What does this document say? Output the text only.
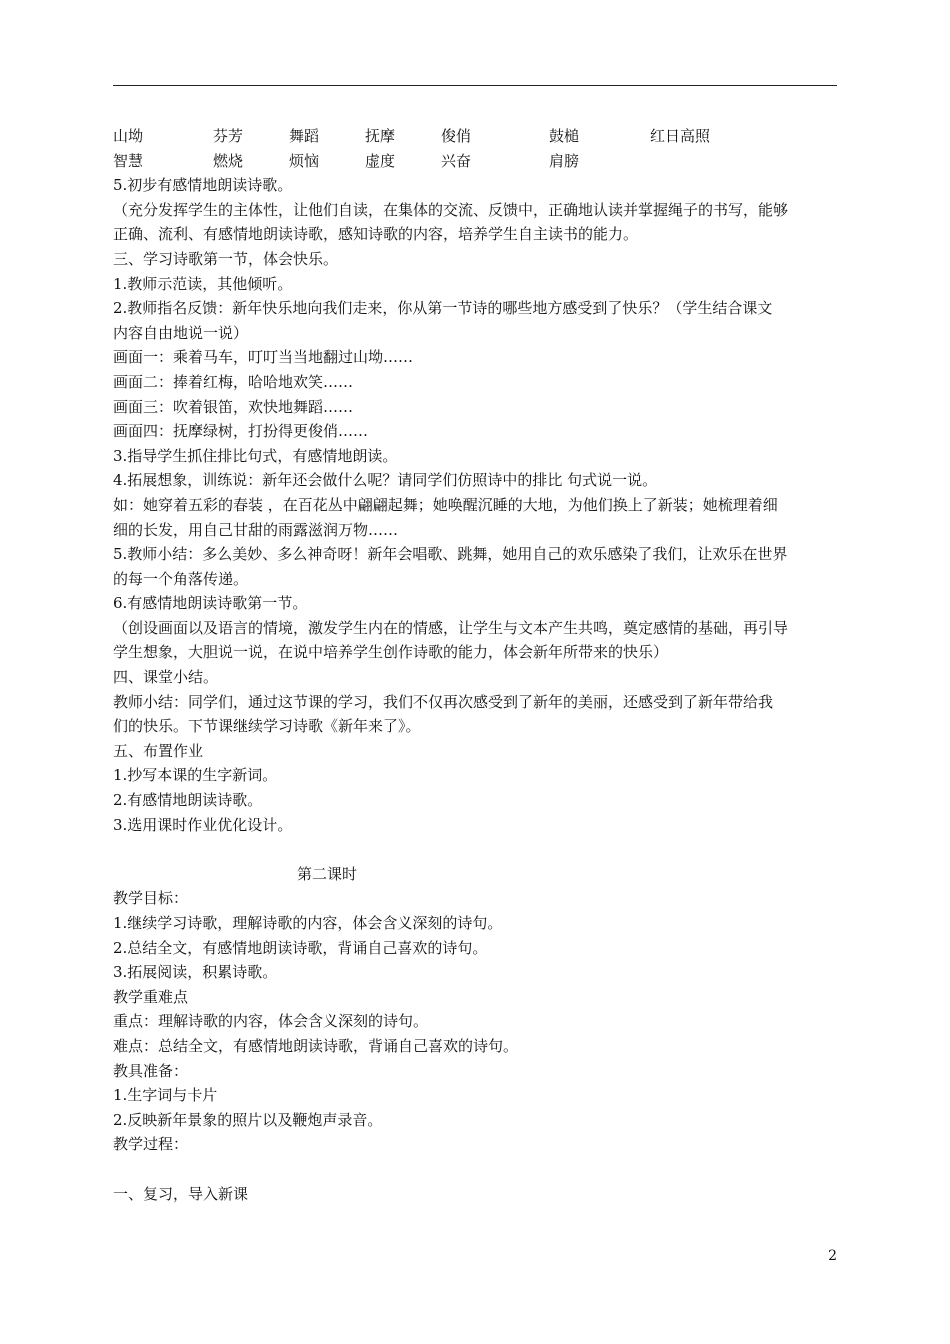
山坳	芬芳	舞蹈	抚摩	俊俏	鼓槌	红日高照
智慧	燃烧	烦恼	虚度	兴奋	肩膀
5.初步有感情地朗读诗歌。
（充分发挥学生的主体性，让他们自读，在集体的交流、反馈中，正确地认读并掌握绳子的书写，能够
正确、流利、有感情地朗读诗歌，感知诗歌的内容，培养学生自主读书的能力。
三、学习诗歌第一节，体会快乐。
1.教师示范读，其他倾听。
2.教师指名反馈：新年快乐地向我们走来，你从第一节诗的哪些地方感受到了快乐？（学生结合课文
内容自由地说一说）
画面一：乘着马车，叮叮当当地翻过山坳……
画面二：捧着红梅，哈哈地欢笑……
画面三：吹着银笛，欢快地舞蹈……
画面四：抚摩绿树，打扮得更俊俏……
3.指导学生抓住排比句式，有感情地朗读。
4.拓展想象，训练说：新年还会做什么呢？请同学们仿照诗中的排比 句式说一说。
如：她穿着五彩的春装 ，在百花丛中翩翩起舞；她唤醒沉睡的大地，为他们换上了新装；她梳理着细
细的长发，用自己甘甜的雨露滋润万物……
5.教师小结：多么美妙、多么神奇呀！新年会唱歌、跳舞，她用自己的欢乐感染了我们，让欢乐在世界
的每一个角落传递。
6.有感情地朗读诗歌第一节。
（创设画面以及语言的情境，激发学生内在的情感，让学生与文本产生共鸣，奠定感情的基础，再引导
学生想象，大胆说一说，在说中培养学生创作诗歌的能力，体会新年所带来的快乐）
四、课堂小结。
教师小结：同学们，通过这节课的学习，我们不仅再次感受到了新年的美丽，还感受到了新年带给我
们的快乐。下节课继续学习诗歌《新年来了》。
五、布置作业
1.抄写本课的生字新词。
2.有感情地朗读诗歌。
3.选用课时作业优化设计。
第二课时
教学目标：
1.继续学习诗歌，理解诗歌的内容，体会含义深刻的诗句。
2.总结全文，有感情地朗读诗歌，背诵自己喜欢的诗句。
3.拓展阅读，积累诗歌。
教学重难点
重点：理解诗歌的内容，体会含义深刻的诗句。
难点：总结全文，有感情地朗读诗歌，背诵自己喜欢的诗句。
教具准备：
1.生字词与卡片
2.反映新年景象的照片以及鞭炮声录音。
教学过程：
一、复习，导入新课
2
